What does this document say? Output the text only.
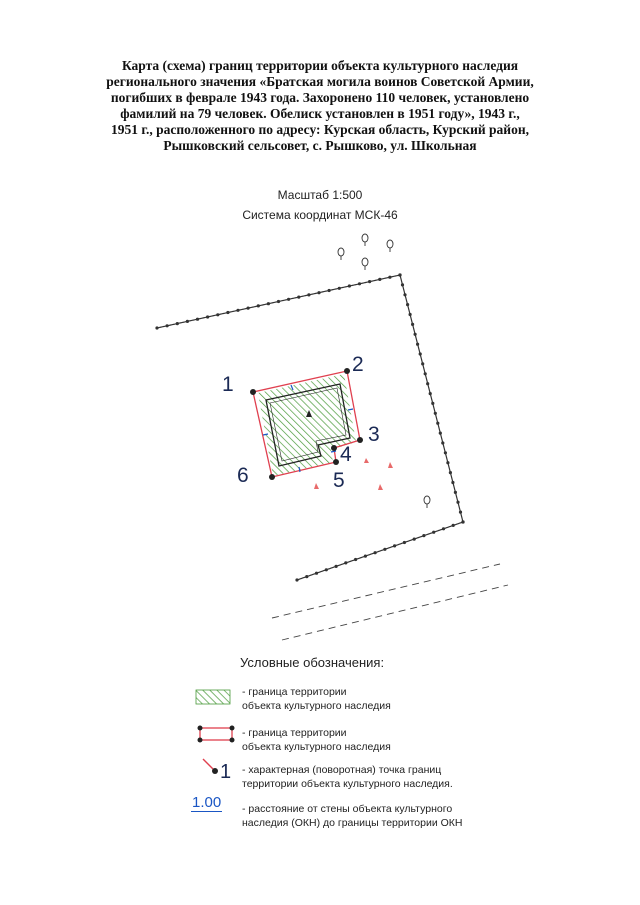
Карта (схема) границ территории объекта культурного наследия
регионального значения «Братская могила воинов Советской Армии,
погибших в феврале 1943 года. Захоронено 110 человек, установлено
фамилий на 79 человек. Обелиск установлен в 1951 году», 1943 г.,
1951 г., расположенного по адресу: Курская область, Курский район,
Рышковский сельсовет, с. Рышково, ул. Школьная
Масштаб 1:500
Система координат МСК-46
1
2
3
4
5
6
1
Условные обозначения:
- граница территории
объекта культурного наследия
- граница территории
объекта культурного наследия
- характерная (поворотная) точка границ
территории объекта культурного наследия.
1.00 - расстояние от стены объекта культурного
наследия (ОКН) до границы территории ОКН
